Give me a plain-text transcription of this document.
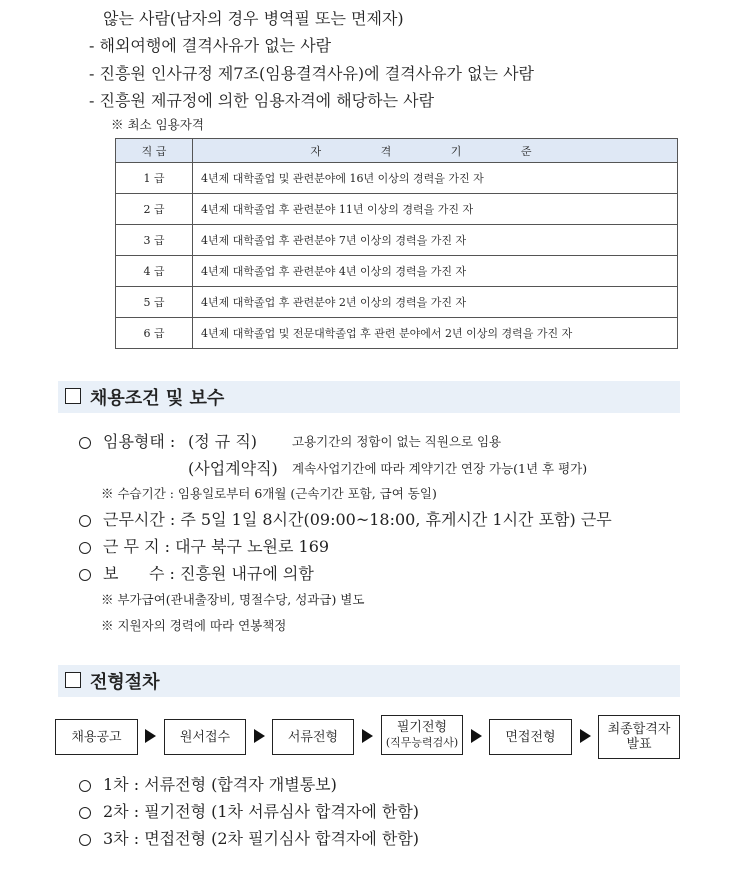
않는 사람(남자의 경우 병역필 또는 면제자)
- 해외여행에 결격사유가 없는 사람
- 진흥원 인사규정 제7조(임용결격사유)에 결격사유가 없는 사람
- 진흥원 제규정에 의한 임용자격에 해당하는 사람
※ 최소 임용자격
직 급	자 격 기 준
1 급	4년제 대학졸업 및 관련분야에 16년 이상의 경력을 가진 자
2 급	4년제 대학졸업 후 관련분야 11년 이상의 경력을 가진 자
3 급	4년제 대학졸업 후 관련분야 7년 이상의 경력을 가진 자
4 급	4년제 대학졸업 후 관련분야 4년 이상의 경력을 가진 자
5 급	4년제 대학졸업 후 관련분야 2년 이상의 경력을 가진 자
6 급	4년제 대학졸업 및 전문대학졸업 후 관련 분야에서 2년 이상의 경력을 가진 자
채용조건 및 보수
임용형태 : (정 규 직)	고용기간의 정함이 없는 직원으로 임용
(사업계약직) 계속사업기간에 따라 계약기간 연장 가능(1년 후 평가)
※ 수습기간 : 임용일로부터 6개월 (근속기간 포함, 급여 동일)
근무시간 : 주 5일 1일 8시간(09:00~18:00, 휴게시간 1시간 포함) 근무
근 무 지 : 대구 북구 노원로 169
보      수 : 진흥원 내규에 의함
※ 부가급여(관내출장비, 명절수당, 성과급) 별도
※ 지원자의 경력에 따라 연봉책정
전형절차
채용공고	원서접수	서류전형
필기전형
(직무능력검사)	면접전형	최종합격자
발표
1차 : 서류전형 (합격자 개별통보)
2차 : 필기전형 (1차 서류심사 합격자에 한함)
3차 : 면접전형 (2차 필기심사 합격자에 한함)
